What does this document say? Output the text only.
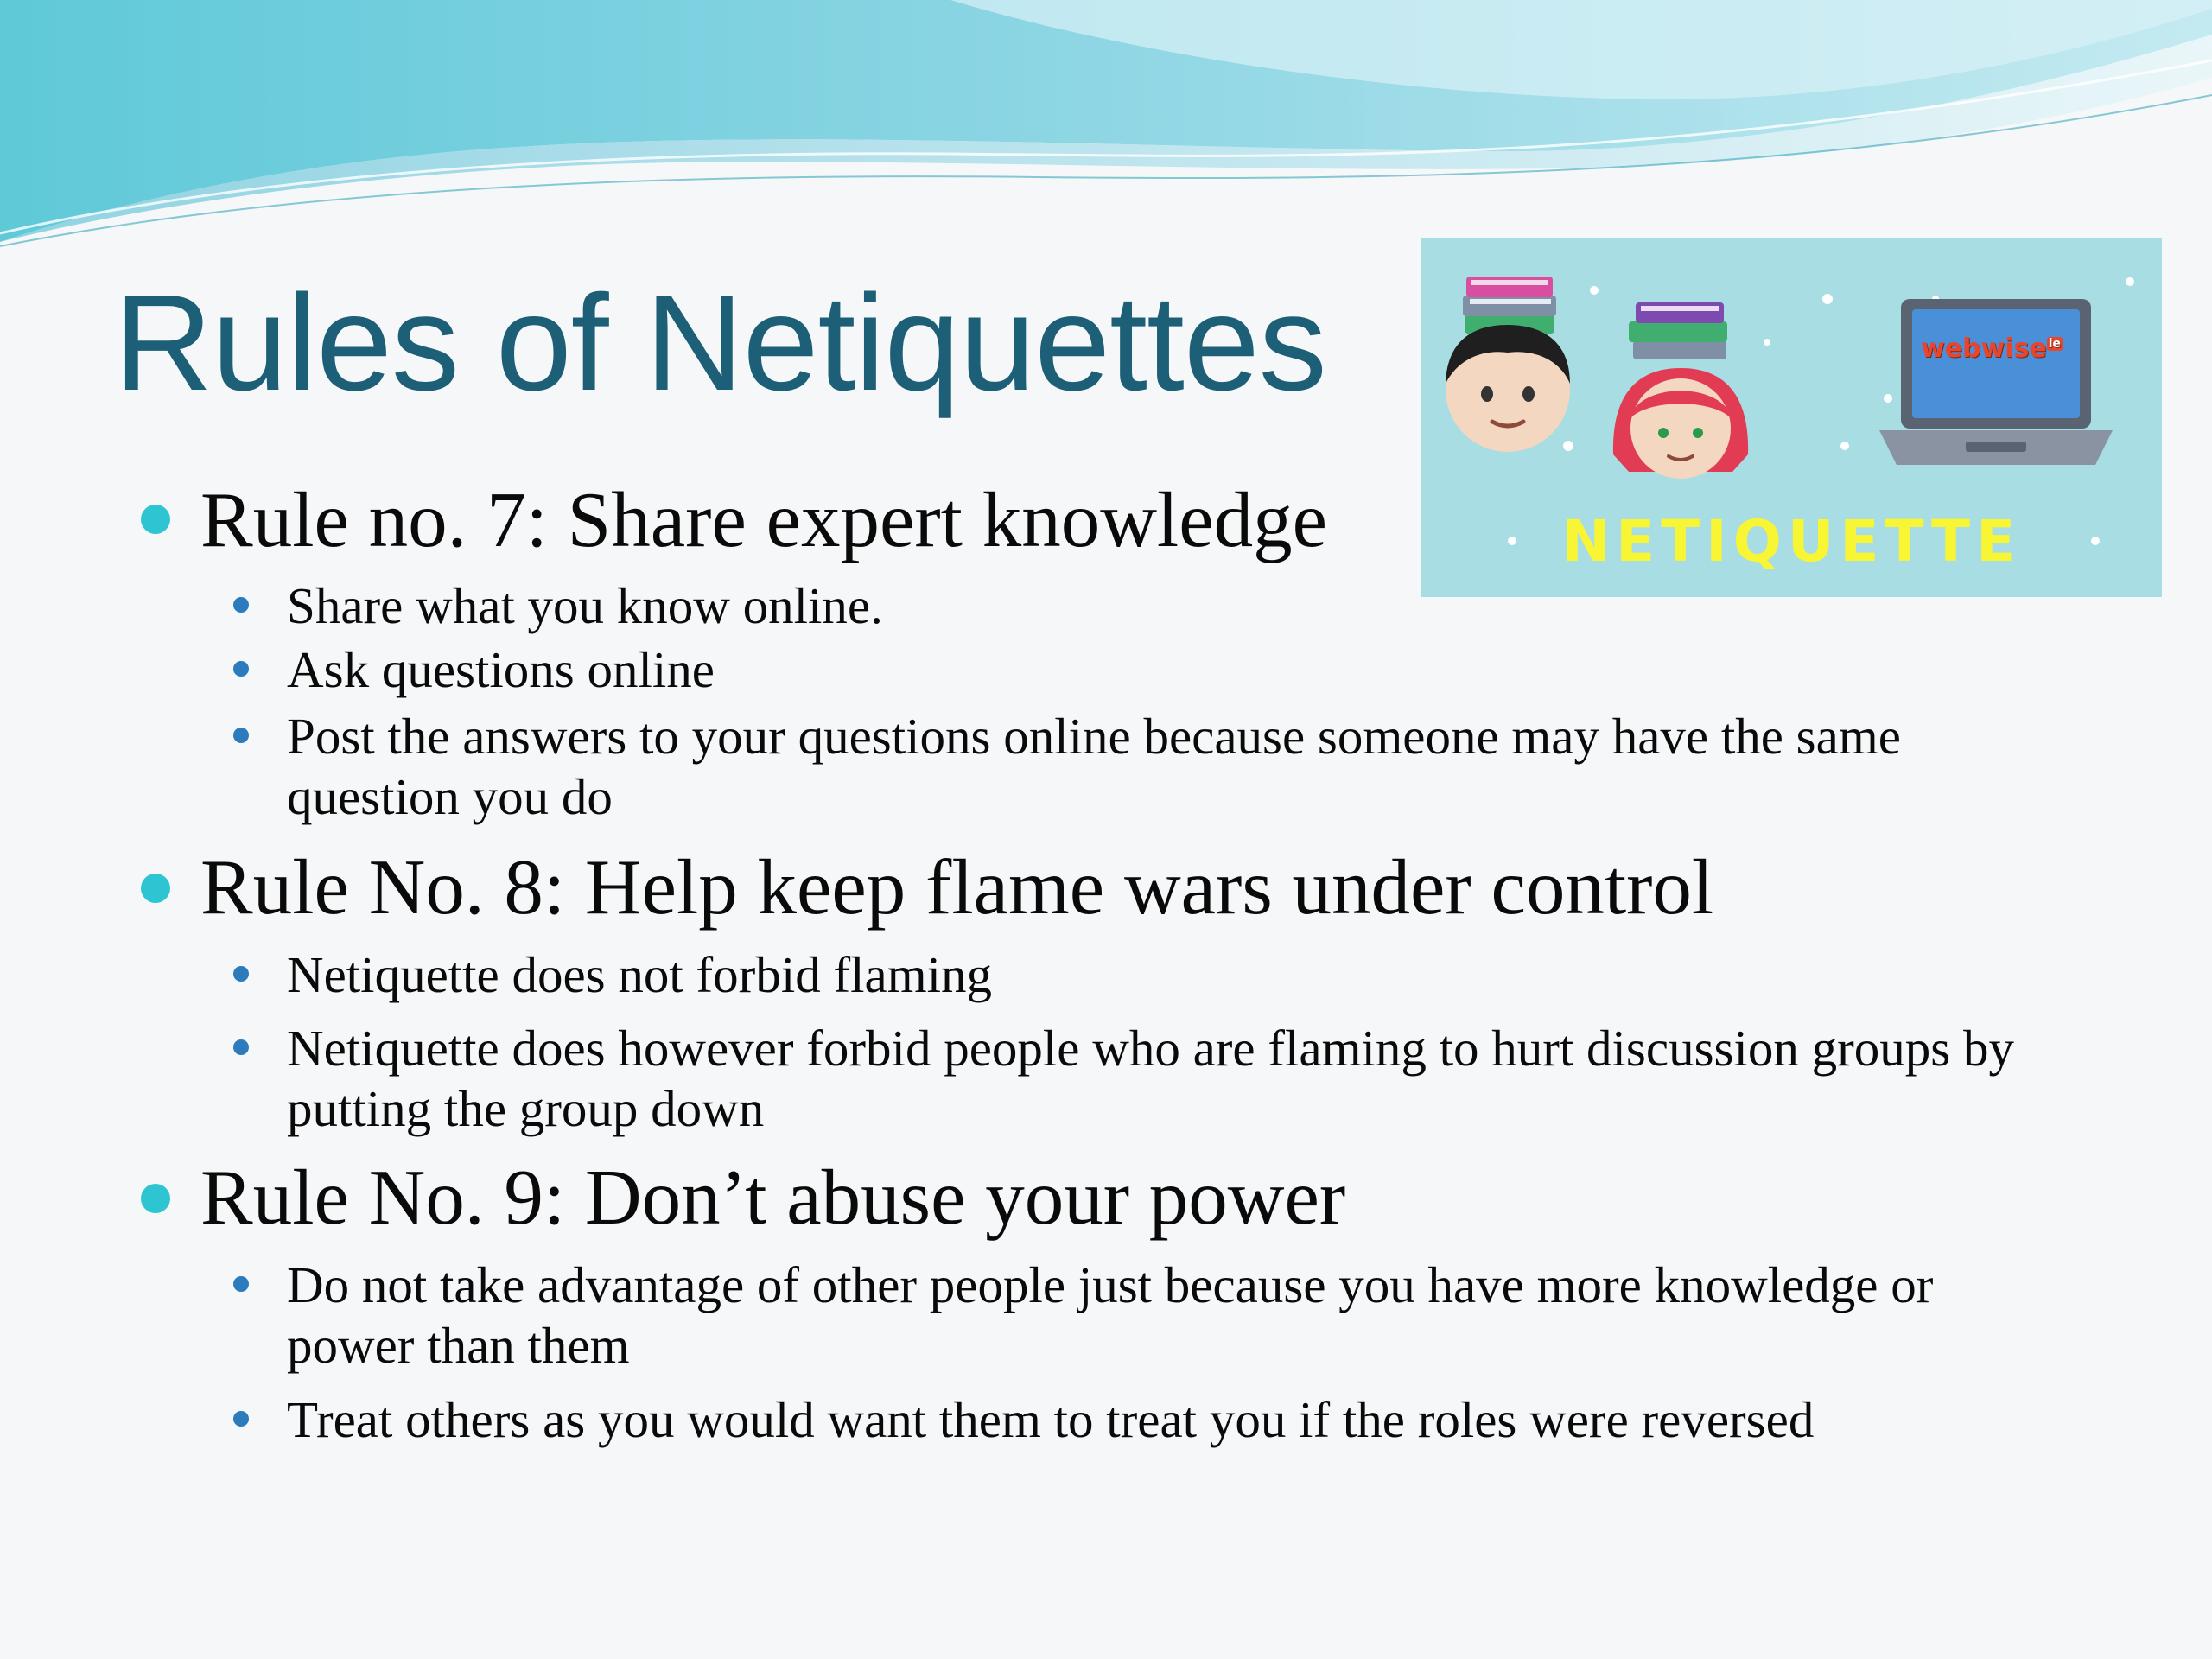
Rules of Netiquettes	webwise $^{ie}$
NETIQUETTE
Rule no. 7: Share expert knowledge

Share what you know online.

Ask questions online

Post the answers to your questions online because someone may have the same question you do

Rule No. 8: Help keep flame wars under control

Netiquette does not forbid flaming

Netiquette does however forbid people who are flaming to hurt discussion groups by putting the group down

Rule No. 9: Don’t abuse your power

Do not take advantage of other people just because you have more knowledge or power than them

Treat others as you would want them to treat you if the roles were reversed
